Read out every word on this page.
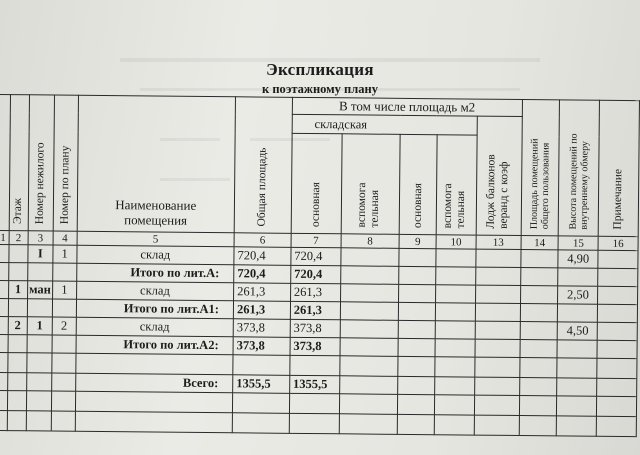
Экспликация
к поэтажному плану

	Этаж	Номер нежилого	Номер по плану	Наименование помещения	Общая площадь	В том числе площадь м2					Площадь помещений общего пользования	Высота помещений по внутреннему обмеру	Примечание

						складская				Лодж балконов веранд с коэф			

						основная	вспомога тельная	основная	вспомога тельная				

1	2	3	4	5	6	7	8	9	10	13	14	15	16
		I	1	склад	720,4	720,4						4,90	
				Итого по лит.А:	720,4	720,4							
	1	ман	1	склад	261,3	261,3						2,50	
				Итого по лит.А1:	261,3	261,3							
	2	1	2	склад	373,8	373,8						4,50	
				Итого по лит.А2:	373,8	373,8							

				Всего:	1355,5	1355,5							
